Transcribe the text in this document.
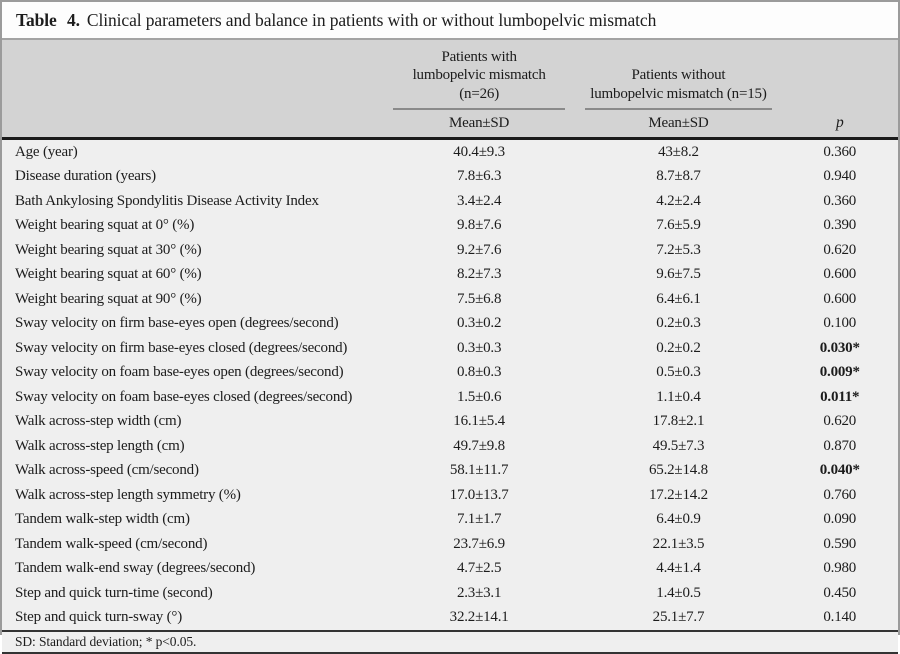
Table 4. Clinical parameters and balance in patients with or without lumbopelvic mismatch

Patients with
lumbopelvic mismatch (n=26)

Patients without
lumbopelvic mismatch (n=15)

	Mean±SD	Mean±SD	p
Age (year)	40.4±9.3	43±8.2	0.360
Disease duration (years)	7.8±6.3	8.7±8.7	0.940
Bath Ankylosing Spondylitis Disease Activity Index	3.4±2.4	4.2±2.4	0.360
Weight bearing squat at 0° (%)	9.8±7.6	7.6±5.9	0.390
Weight bearing squat at 30° (%)	9.2±7.6	7.2±5.3	0.620
Weight bearing squat at 60° (%)	8.2±7.3	9.6±7.5	0.600
Weight bearing squat at 90° (%)	7.5±6.8	6.4±6.1	0.600
Sway velocity on firm base-eyes open (degrees/second)	0.3±0.2	0.2±0.3	0.100
Sway velocity on firm base-eyes closed (degrees/second)	0.3±0.3	0.2±0.2	0.030*
Sway velocity on foam base-eyes open (degrees/second)	0.8±0.3	0.5±0.3	0.009*
Sway velocity on foam base-eyes closed (degrees/second)	1.5±0.6	1.1±0.4	0.011*
Walk across-step width (cm)	16.1±5.4	17.8±2.1	0.620
Walk across-step length (cm)	49.7±9.8	49.5±7.3	0.870
Walk across-speed (cm/second)	58.1±11.7	65.2±14.8	0.040*
Walk across-step length symmetry (%)	17.0±13.7	17.2±14.2	0.760
Tandem walk-step width (cm)	7.1±1.7	6.4±0.9	0.090
Tandem walk-speed (cm/second)	23.7±6.9	22.1±3.5	0.590
Tandem walk-end sway (degrees/second)	4.7±2.5	4.4±1.4	0.980
Step and quick turn-time (second)	2.3±3.1	1.4±0.5	0.450
Step and quick turn-sway (°)	32.2±14.1	25.1±7.7	0.140
SD: Standard deviation; * p<0.05.
